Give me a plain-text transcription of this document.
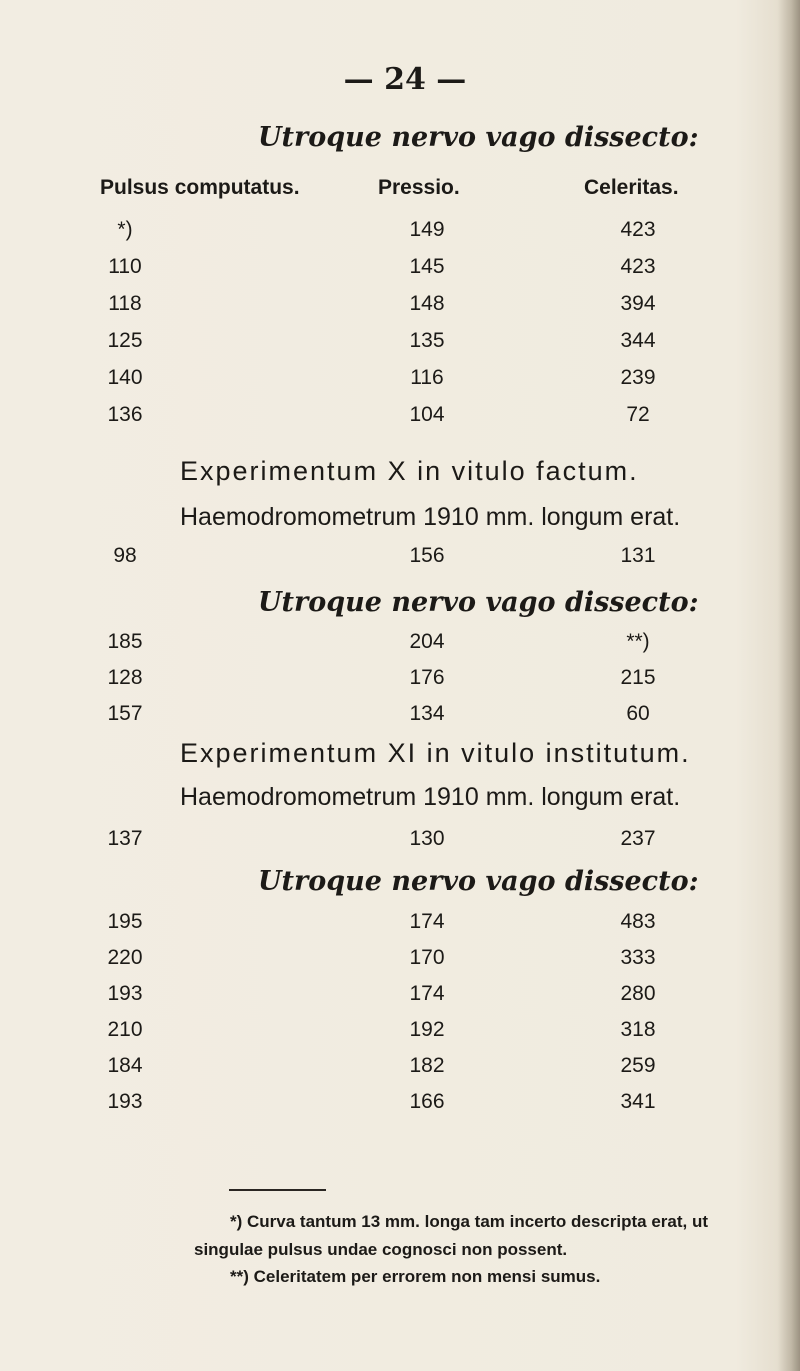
— 24 —
Utroque nervo vago dissecto:
Pulsus computatus.	Pressio.	Celeritas.
*)	149	423
110	145	423
118	148	394
125	135	344
140	116	239
136	104	72
Experimentum X in vitulo factum.
Haemodromometrum 1910 mm. longum erat.
98	156	131
Utroque nervo vago dissecto:
185	204	**)
128	176	215
157	134	60
Experimentum XI in vitulo institutum.
Haemodromometrum 1910 mm. longum erat.
137	130	237
Utroque nervo vago dissecto:
195	174	483
220	170	333
193	174	280
210	192	318
184	182	259
193	166	341
*) Curva tantum 13 mm. longa tam incerto descripta erat, ut
singulae pulsus undae cognosci non possent.
**) Celeritatem per errorem non mensi sumus.
